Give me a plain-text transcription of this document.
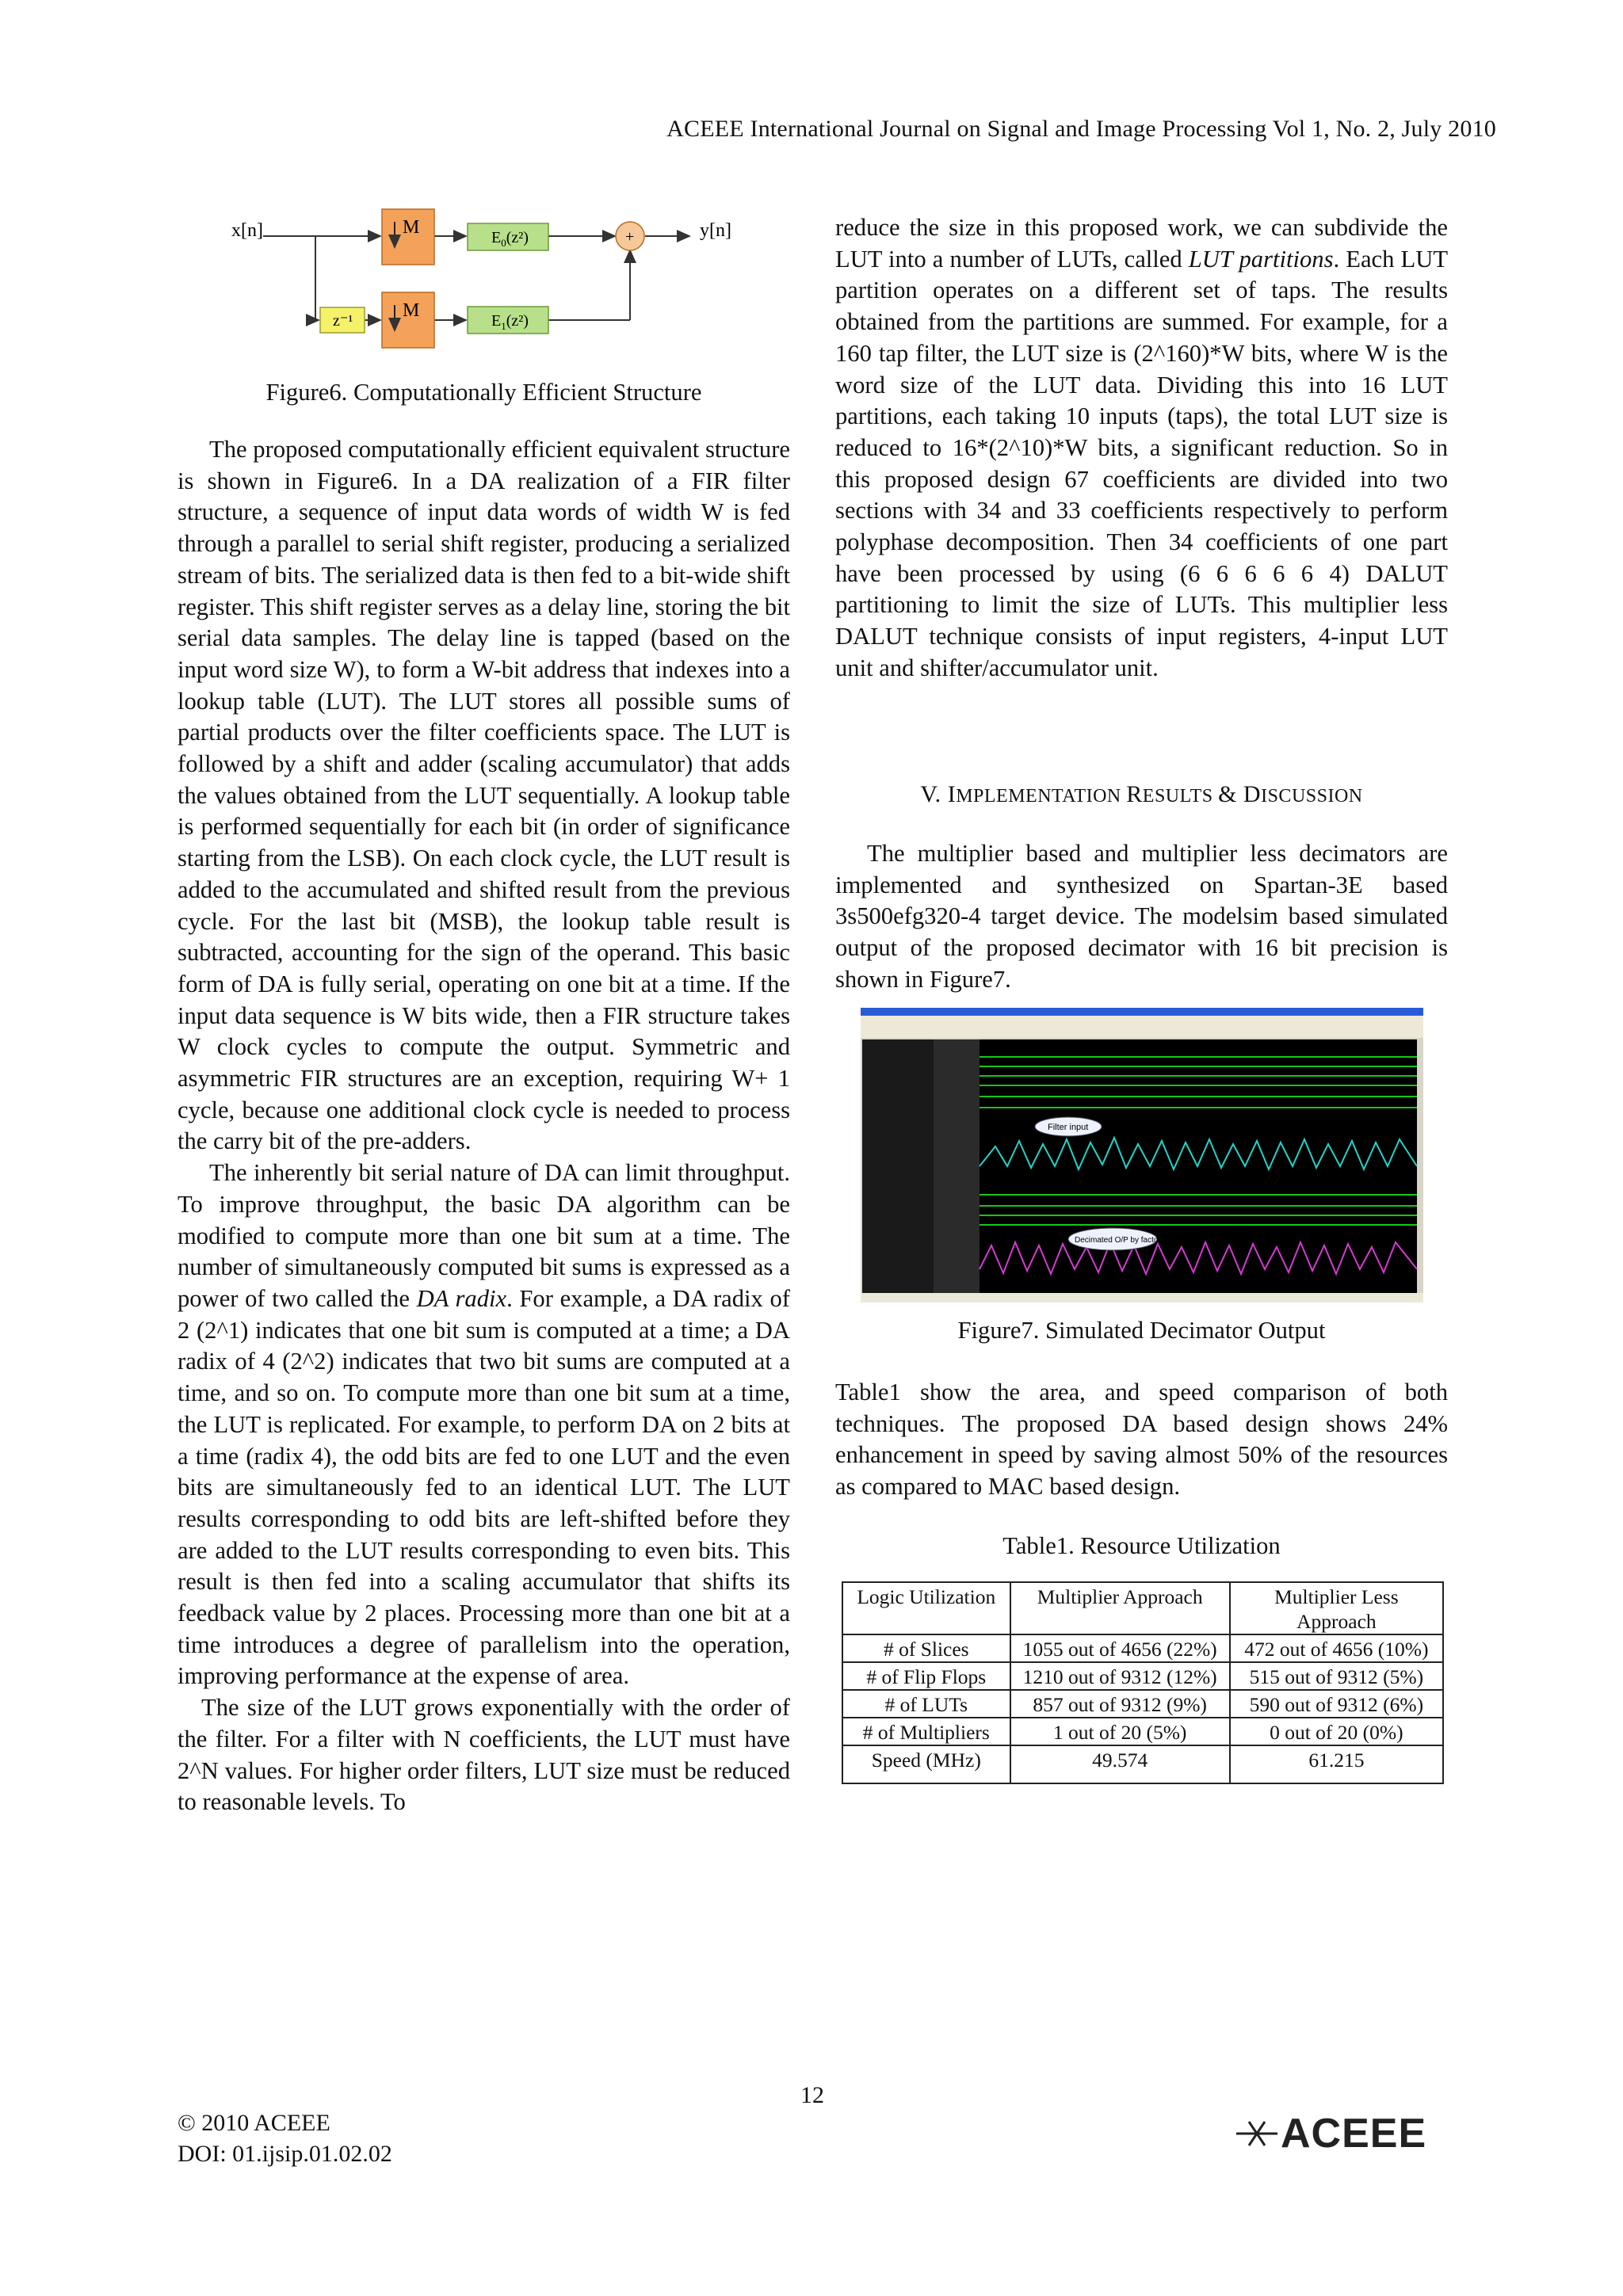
ACEEE International Journal on Signal and Image Processing Vol 1, No. 2, July 2010
x[n]	y[n]
z⁻¹
M
M
$E_0(z^2)$
$E_1(z^2)$
+
Figure6. Computationally Efficient Structure

The proposed computationally efficient equivalent structure is shown in Figure6. In a DA realization of a FIR filter structure, a sequence of input data words of width W is fed through a parallel to serial shift register, producing a serialized stream of bits. The serialized data is then fed to a bit-wide shift register. This shift register serves as a delay line, storing the bit serial data samples. The delay line is tapped (based on the input word size W), to form a W-bit address that indexes into a lookup table (LUT). The LUT stores all possible sums of partial products over the filter coefficients space. The LUT is followed by a shift and adder (scaling accumulator) that adds the values obtained from the LUT sequentially. A lookup table is performed sequentially for each bit (in order of significance starting from the LSB). On each clock cycle, the LUT result is added to the accumulated and shifted result from the previous cycle. For the last bit (MSB), the lookup table result is subtracted, accounting for the sign of the operand. This basic form of DA is fully serial, operating on one bit at a time. If the input data sequence is W bits wide, then a FIR structure takes W clock cycles to compute the output. Symmetric and asymmetric FIR structures are an exception, requiring W+ 1 cycle, because one additional clock cycle is needed to process the carry bit of the pre-adders.

The inherently bit serial nature of DA can limit throughput. To improve throughput, the basic DA algorithm can be modified to compute more than one bit sum at a time. The number of simultaneously computed bit sums is expressed as a power of two called the DA radix. For example, a DA radix of 2 (2^1) indicates that one bit sum is computed at a time; a DA radix of 4 (2^2) indicates that two bit sums are computed at a time, and so on. To compute more than one bit sum at a time, the LUT is replicated. For example, to perform DA on 2 bits at a time (radix 4), the odd bits are fed to one LUT and the even bits are simultaneously fed to an identical LUT. The LUT results corresponding to odd bits are left-shifted before they are added to the LUT results corresponding to even bits. This result is then fed into a scaling accumulator that shifts its feedback value by 2 places. Processing more than one bit at a time introduces a degree of parallelism into the operation, improving performance at the expense of area.

The size of the LUT grows exponentially with the order of the filter. For a filter with N coefficients, the LUT must have 2^N values. For higher order filters, LUT size must be reduced to reasonable levels. To

reduce the size in this proposed work, we can subdivide the LUT into a number of LUTs, called LUT partitions. Each LUT partition operates on a different set of taps. The results obtained from the partitions are summed. For example, for a 160 tap filter, the LUT size is (2^160)*W bits, where W is the word size of the LUT data. Dividing this into 16 LUT partitions, each taking 10 inputs (taps), the total LUT size is reduced to 16*(2^10)*W bits, a significant reduction. So in this proposed design 67 coefficients are divided into two sections with 34 and 33 coefficients respectively to perform polyphase decomposition. Then 34 coefficients of one part have been processed by using (6 6 6 6 6 4) DALUT partitioning to limit the size of LUTs. This multiplier less DALUT technique consists of input registers, 4-input LUT unit and shifter/accumulator unit.

V. IMPLEMENTATION RESULTS & DISCUSSION

The multiplier based and multiplier less decimators are implemented and synthesized on Spartan-3E based 3s500efg320-4 target device. The modelsim based simulated output of the proposed decimator with 16 bit precision is shown in Figure7.

Filter input
Decimated O/P by factor of 2
Figure7. Simulated Decimator Output

Table1 show the area, and speed comparison of both techniques. The proposed DA based design shows 24% enhancement in speed by saving almost 50% of the resources as compared to MAC based design.

Table1. Resource Utilization
Logic Utilization	Multiplier Approach	Multiplier Less Approach
# of Slices	1055 out of 4656 (22%)	472 out of 4656 (10%)
# of Flip Flops	1210 out of 9312 (12%)	515 out of 9312 (5%)
# of LUTs	857 out of 9312 (9%)	590 out of 9312 (6%)
# of Multipliers	1 out of 20 (5%)	0 out of 20 (0%)
Speed (MHz)	49.574	61.215
12
© 2010 ACEEE
DOI: 01.ijsip.01.02.02	ACEEE
